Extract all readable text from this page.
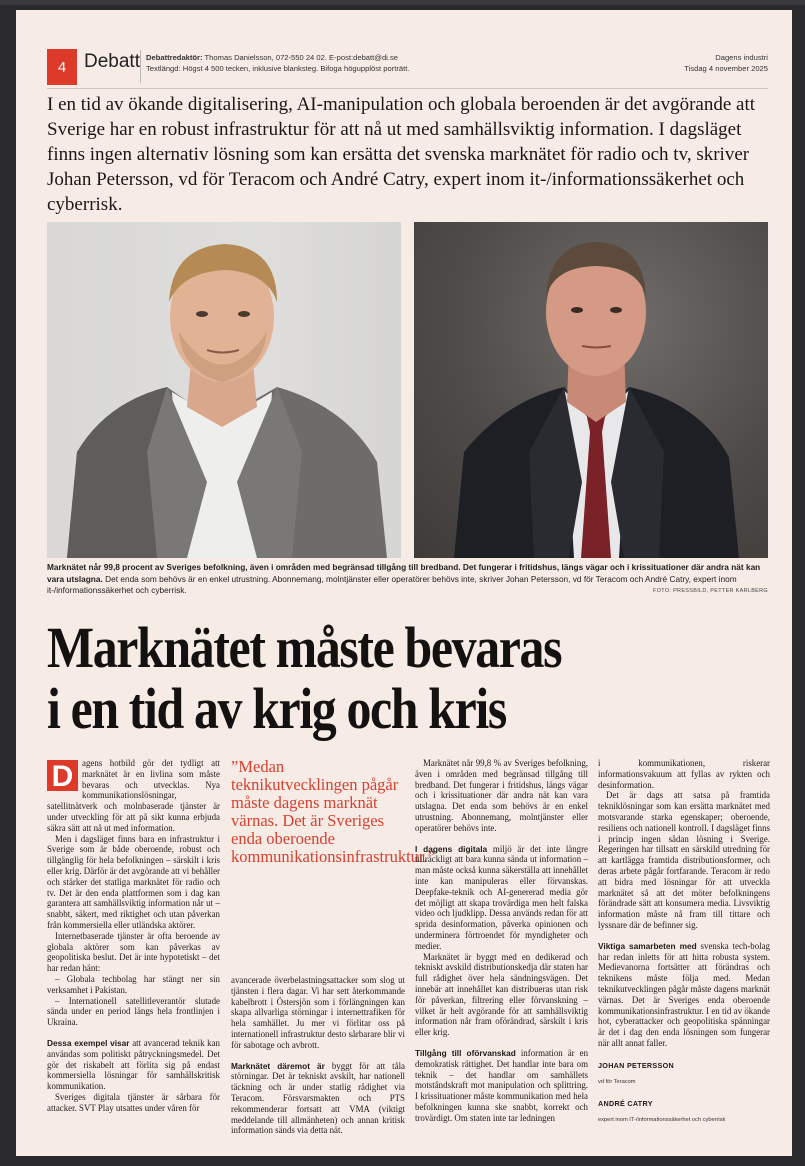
4 Debatt Debattredaktör: Thomas Danielsson, 072-550 24 02. E-post:debatt@di.se
Textlängd: Högst 4 500 tecken, inklusive blanksteg. Bifoga högupplöst porträtt.
Dagens industri
Tisdag 4 november 2025
I en tid av ökande digitalisering, AI-manipulation och globala beroenden är det avgörande att Sverige har en robust infrastruktur för att nå ut med samhällsviktig information. I dagsläget finns ingen alternativ lösning som kan ersätta det svenska marknätet för radio och tv, skriver Johan Petersson, vd för Teracom och André Catry, expert inom it-/informationssäkerhet och cyberrisk.
Marknätet når 99,8 procent av Sveriges befolkning, även i områden med begränsad tillgång till bredband. Det fungerar i fritidshus, längs vägar och i krissituationer där andra nät kan vara utslagna. Det enda som behövs är en enkel utrustning. Abonnemang, molntjänster eller operatörer behövs inte, skriver Johan Petersson, vd för Teracom och André Catry, expert inom it-/informationssäkerhet och cyberrisk.	FOTO: PRESSBILD, PETTER KARLBERG
Marknätet måste bevaras
i en tid av krig och kris

D agens hotbild gör det tydligt att marknätet är en livlina som måste bevaras och utvecklas. Nya kommunikationslösningar, satellitnätverk och molnbaserade tjänster är under utveckling för att på sikt kunna erbjuda säkra sätt att nå ut med information.

Men i dagsläget finns bara en infrastruktur i Sverige som är både oberoende, robust och tillgänglig för hela befolkningen – särskilt i kris eller krig. Därför är det avgörande att vi behåller och stärker det statliga marknätet för radio och tv. Det är den enda plattformen som i dag kan garantera att samhällsviktig information når ut – snabbt, säkert, med riktighet och utan påverkan från kommersiella eller utländska aktörer.

Internetbaserade tjänster är ofta beroende av globala aktörer som kan påverkas av geopolitiska beslut. Det är inte hypotetiskt – det har redan hänt:

– Globala techbolag har stängt ner sin verksamhet i Pakistan.

– Internationell satellitleverantör slutade sända under en period längs hela frontlinjen i Ukraina.

Dessa exempel visar att avancerad teknik kan användas som politiskt påtryckningsmedel. Det gör det riskabelt att förlita sig på endast kommersiella lösningar för samhällskritisk kommunikation.

Sveriges digitala tjänster är sårbara för attacker. SVT Play utsattes under våren för

”Medan teknikutvecklingen pågår måste dagens marknät värnas. Det är Sveriges enda oberoende kommunikationsinfrastruktur.”

avancerade överbelastningsattacker som slog ut tjänsten i flera dagar. Vi har sett återkommande kabelbrott i Östersjön som i förlängningen kan skapa allvarliga störningar i internettrafiken för hela samhället. Ju mer vi förlitar oss på internationell infrastruktur desto sårbarare blir vi för sabotage och avbrott.

Marknätet däremot är byggt för att tåla störningar. Det är tekniskt avskilt, har nationell täckning och är under statlig rådighet via Teracom. Försvarsmakten och PTS rekommenderar fortsatt att VMA (viktigt meddelande till allmänheten) och annan kritisk information sänds via detta nät.

Marknätet når 99,8 % av Sveriges befolkning, även i områden med begränsad tillgång till bredband. Det fungerar i fritidshus, längs vägar och i krissituationer där andra nät kan vara utslagna. Det enda som behövs är en enkel utrustning. Abonnemang, molntjänster eller operatörer behövs inte.

I dagens digitala miljö är det inte längre tillräckligt att bara kunna sända ut information – man måste också kunna säkerställa att innehållet inte kan manipuleras eller förvanskas. Deepfake-teknik och AI-genererad media gör det möjligt att skapa trovärdiga men helt falska video och ljudklipp. Dessa används redan för att sprida desinformation, påverka opinionen och underminera förtroendet för myndigheter och medier.

Marknätet är byggt med en dedikerad och tekniskt avskild distributionskedja där staten har full rådighet över hela sändningsvägen. Det innebär att innehållet kan distribueras utan risk för påverkan, filtrering eller förvanskning – vilket är helt avgörande för att samhällsviktig information når fram oförändrad, särskilt i kris eller krig.

Tillgång till oförvanskad information är en demokratisk rättighet. Det handlar inte bara om teknik – det handlar om samhällets motståndskraft mot manipulation och splittring. I krissituationer måste kommunikation med hela befolkningen kunna ske snabbt, korrekt och trovärdigt. Om staten inte tar ledningen

i kommunikationen, riskerar informationsvakuum att fyllas av rykten och desinformation.

Det är dags att satsa på framtida tekniklösningar som kan ersätta marknätet med motsvarande starka egenskaper; oberoende, resiliens och nationell kontroll. I dagsläget finns i princip ingen sådan lösning i Sverige. Regeringen har tillsatt en särskild utredning för att kartlägga framtida distributionsformer, och deras arbete pågår fortfarande. Teracom är redo att bidra med lösningar för att utveckla marknätet så att det möter befolkningens förändrade sätt att konsumera media. Livsviktig information måste nå fram till tittare och lyssnare där de befinner sig.

Viktiga samarbeten med svenska tech-bolag har redan inletts för att hitta robusta system. Medievanorna fortsätter att förändras och teknikens måste följa med. Medan teknikutvecklingen pågår måste dagens marknät värnas. Det är Sveriges enda oberoende kommunikationsinfrastruktur. I en tid av ökande hot, cyberattacker och geopolitiska spänningar är det i dag den enda lösningen som fungerar när allt annat faller.

JOHAN PETERSSON
vd för Teracom
ANDRÉ CATRY
expert inom IT-/informationssäkerhet och cyberrisk
